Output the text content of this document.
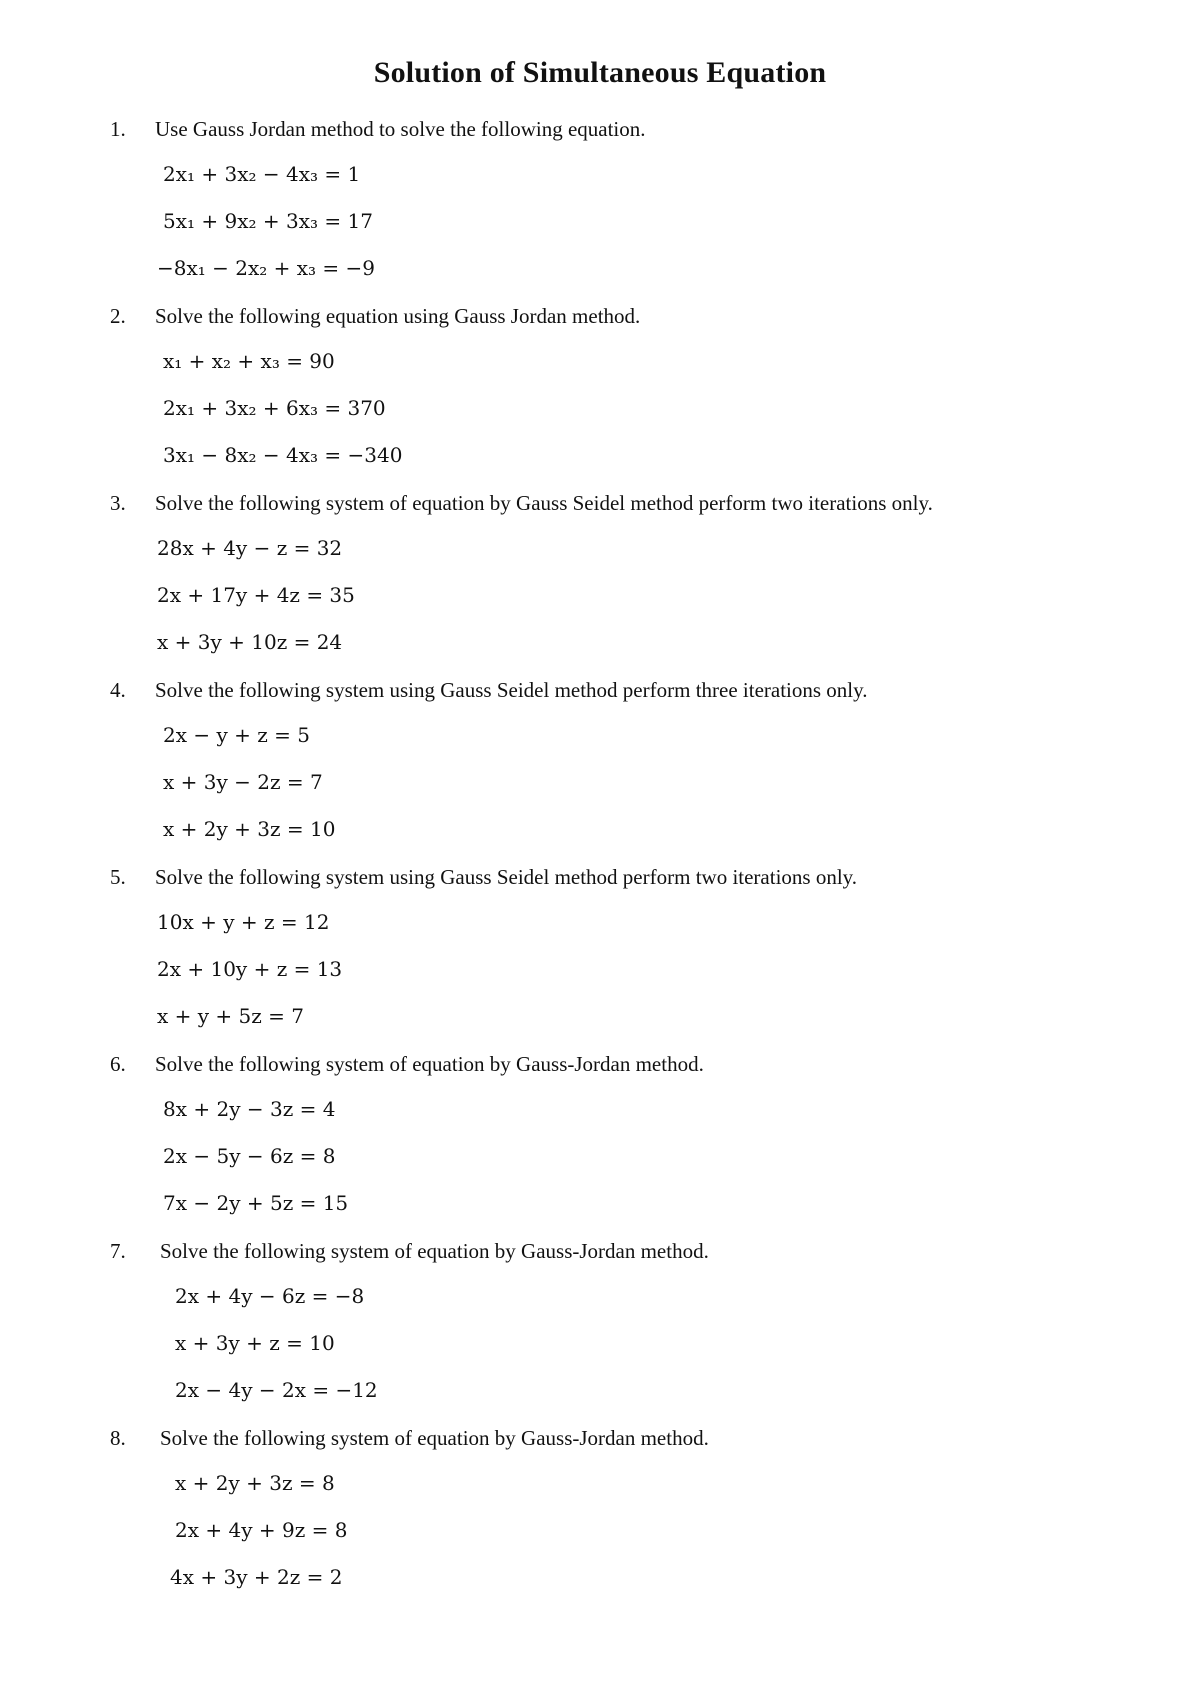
Solution of Simultaneous Equation
1. Use Gauss Jordan method to solve the following equation.
2x₁ + 3x₂ − 4x₃ = 1
5x₁ + 9x₂ + 3x₃ = 17
−8x₁ − 2x₂ + x₃ = −9
2. Solve the following equation using Gauss Jordan method.
x₁ + x₂ + x₃ = 90
2x₁ + 3x₂ + 6x₃ = 370
3x₁ − 8x₂ − 4x₃ = −340
3. Solve the following system of equation by Gauss Seidel method perform two iterations only.
28x + 4y − z = 32
2x + 17y + 4z = 35
x + 3y + 10z = 24
4. Solve the following system using Gauss Seidel method perform three iterations only.
2x − y + z = 5
x + 3y − 2z = 7
x + 2y + 3z = 10
5. Solve the following system using Gauss Seidel method perform two iterations only.
10x + y + z = 12
2x + 10y + z = 13
x + y + 5z = 7
6. Solve the following system of equation by Gauss-Jordan method.
8x + 2y − 3z = 4
2x − 5y − 6z = 8
7x − 2y + 5z = 15
7. Solve the following system of equation by Gauss-Jordan method.
2x + 4y − 6z = −8
x + 3y + z = 10
2x − 4y − 2x = −12
8. Solve the following system of equation by Gauss-Jordan method.
x + 2y + 3z = 8
2x + 4y + 9z = 8
4x + 3y + 2z = 2
